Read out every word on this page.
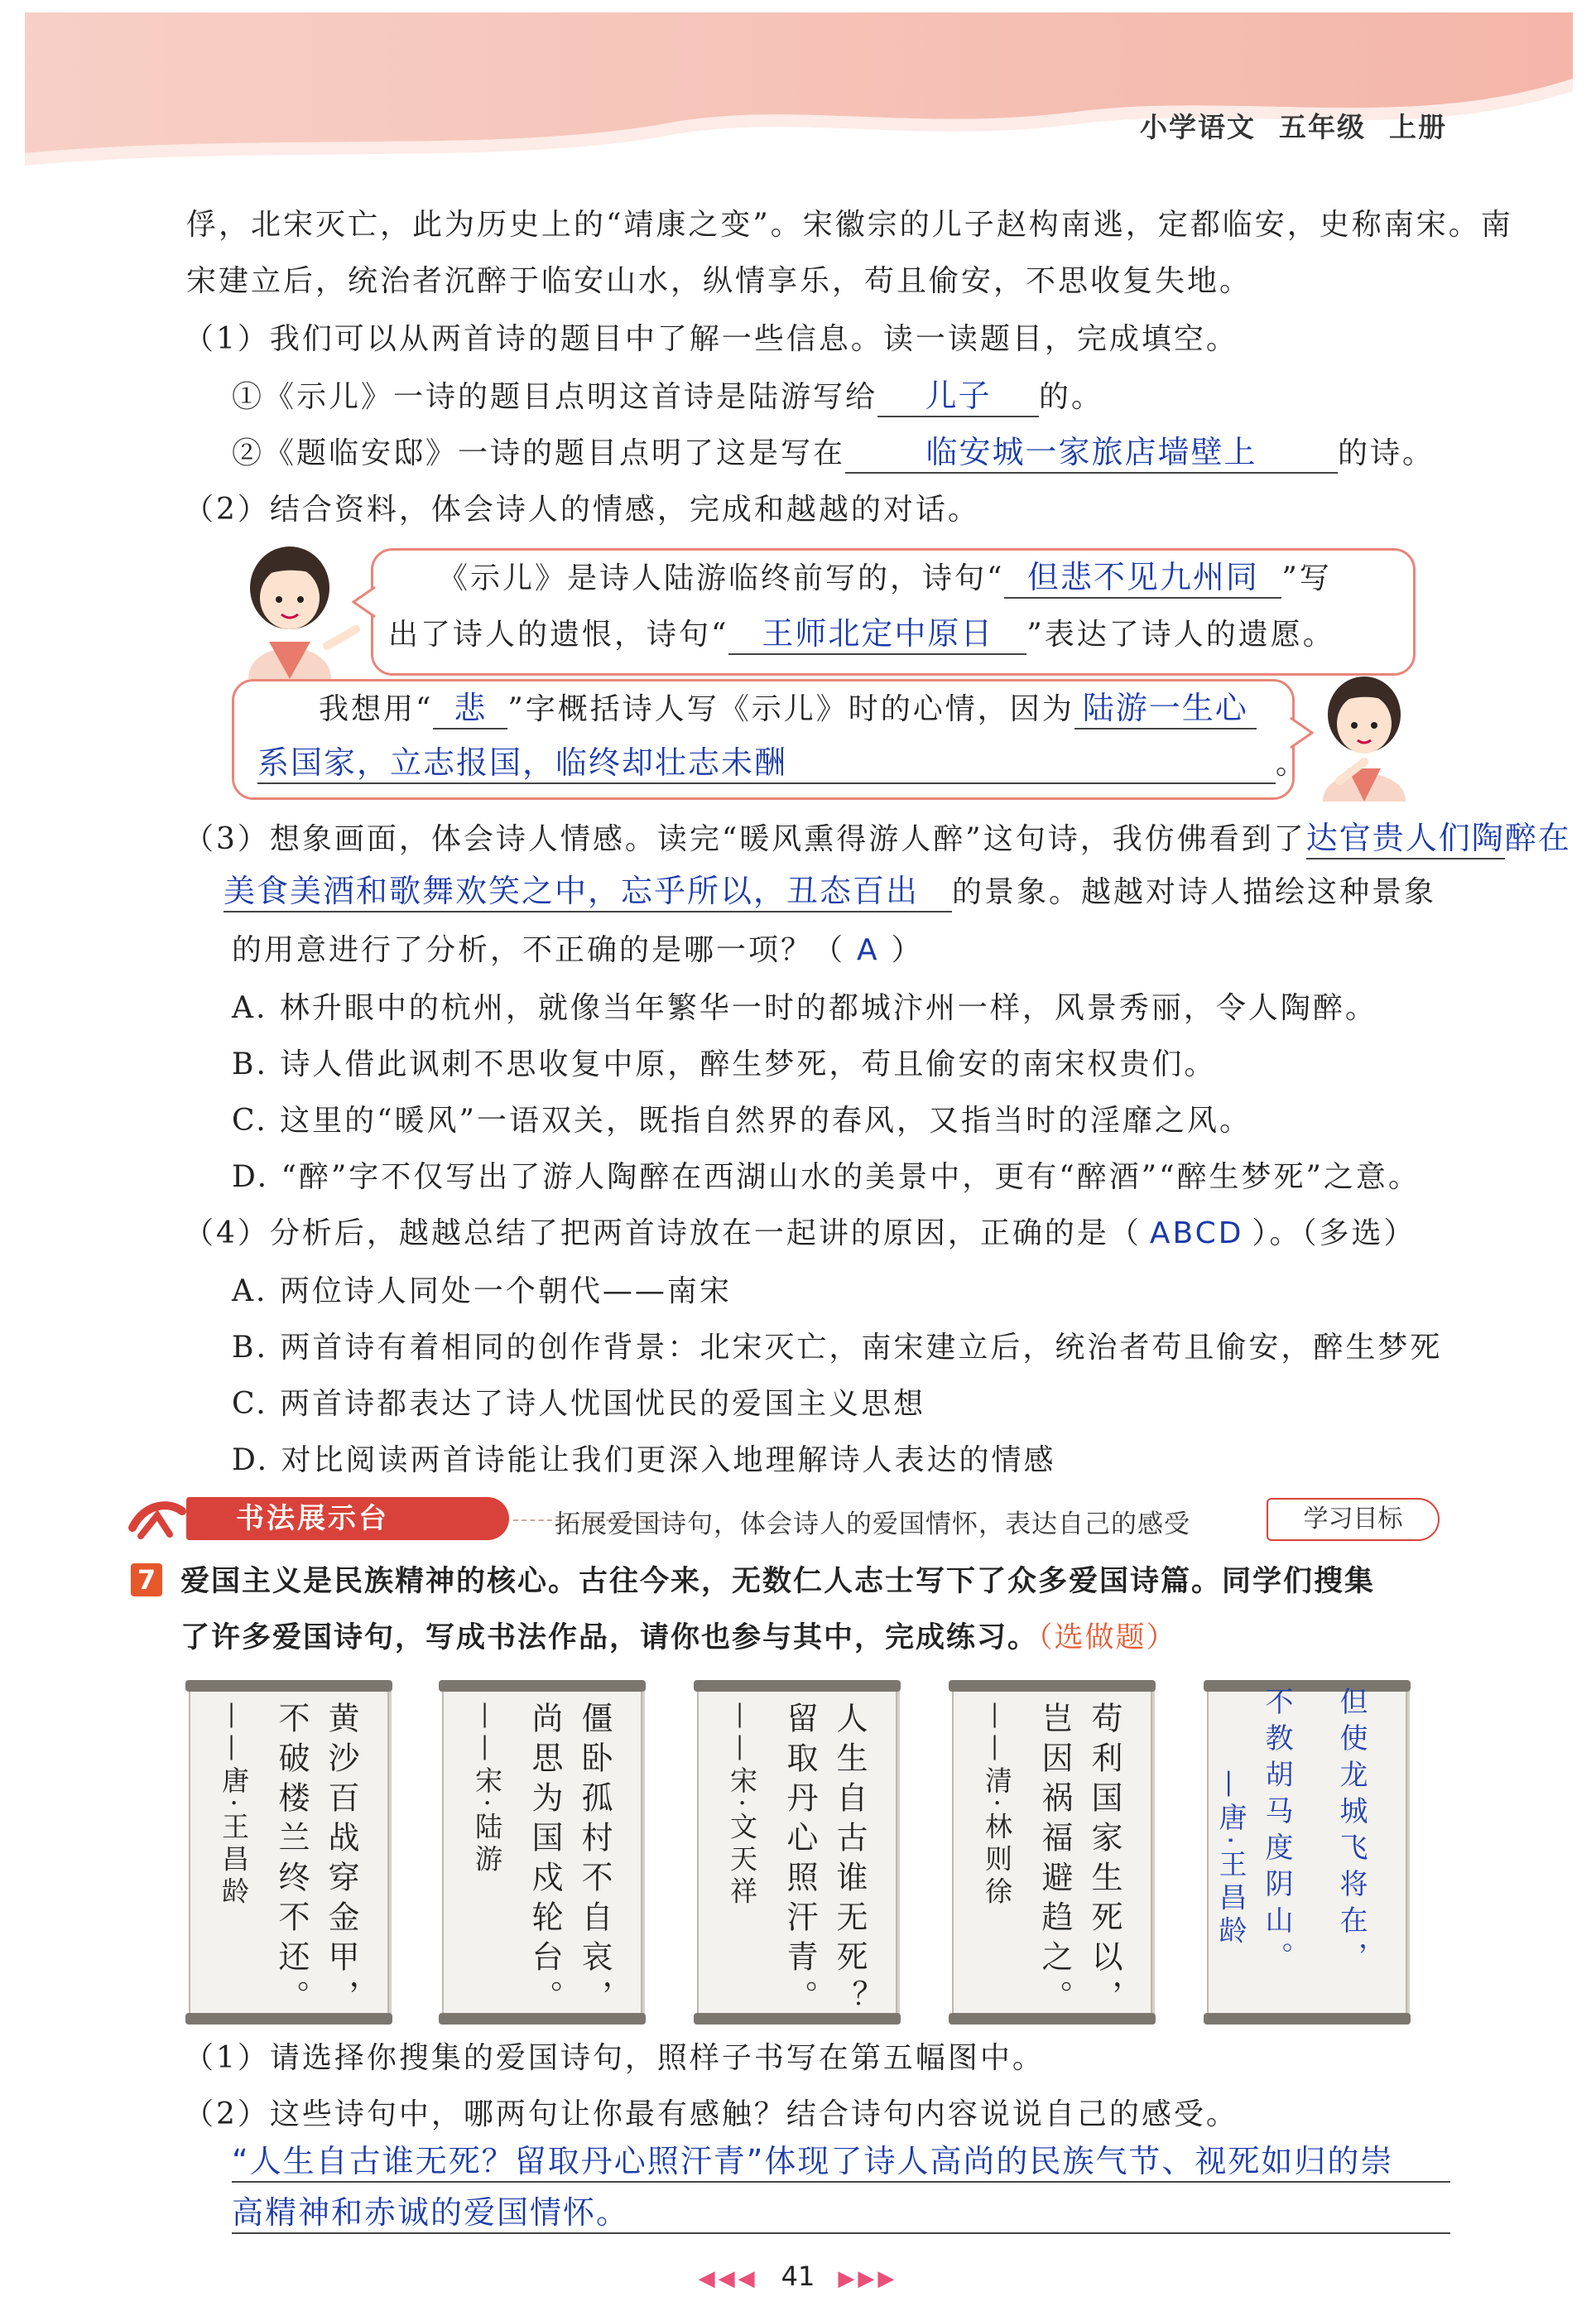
小学语文 五年级 上册
俘，北宋灭亡，此为历史上的“靖康之变”。宋徽宗的儿子赵构南逃，定都临安，史称南宋。南
宋建立后，统治者沉醉于临安山水，纵情享乐，苟且偷安，不思收复失地。
（1）我们可以从两首诗的题目中了解一些信息。读一读题目，完成填空。
①《示儿》一诗的题目点明这首诗是陆游写给 儿子 的。
②《题临安邸》一诗的题目点明了这是写在	临安城一家旅店墙壁上	的诗。
（2）结合资料，体会诗人的情感，完成和越越的对话。
《示儿》是诗人陆游临终前写的，诗句“ 但悲不见九州同 ”写
出了诗人的遗恨，诗句“ 王师北定中原日 ”表达了诗人的遗愿。
我想用“ 悲 ”字概括诗人写《示儿》时的心情，因为 陆游一生心
系国家，立志报国，临终却壮志未酬	。
（3）想象画面，体会诗人情感。读完“暖风熏得游人醉”这句诗，我仿佛看到了达官贵人们陶醉在
美食美酒和歌舞欢笑之中，忘乎所以，丑态百出 的景象。越越对诗人描绘这种景象
的用意进行了分析，不正确的是哪一项？（ A ）
A. 林升眼中的杭州，就像当年繁华一时的都城汴州一样，风景秀丽，令人陶醉。
B. 诗人借此讽刺不思收复中原，醉生梦死，苟且偷安的南宋权贵们。
C. 这里的“暖风”一语双关，既指自然界的春风，又指当时的淫靡之风。
D. “醉”字不仅写出了游人陶醉在西湖山水的美景中，更有“醉酒”“醉生梦死”之意。
（4）分析后，越越总结了把两首诗放在一起讲的原因，正确的是（ ABCD ）。（多选）
A. 两位诗人同处一个朝代——南宋
B. 两首诗有着相同的创作背景：北宋灭亡，南宋建立后，统治者苟且偷安，醉生梦死
C. 两首诗都表达了诗人忧国忧民的爱国主义思想
D. 对比阅读两首诗能让我们更深入地理解诗人表达的情感
书法展示台	拓展爱国诗句，体会诗人的爱国情怀，表达自己的感受	学习目标
7 爱国主义是民族精神的核心。古往今来，无数仁人志士写下了众多爱国诗篇。同学们搜集
了许多爱国诗句，写成书法作品，请你也参与其中，完成练习。（选做题）
黄沙百战穿金甲，
不破楼兰终不还。
——唐·王昌龄	僵卧孤村不自哀，
尚思为国戍轮台。
——宋·陆游	人生自古谁无死？
留取丹心照汗青。
——宋·文天祥	苟利国家生死以，
岂因祸福避趋之。
——清·林则徐	但使龙城飞将在，
不教胡马度阴山。
—唐·王昌龄
（1）请选择你搜集的爱国诗句，照样子书写在第五幅图中。
（2）这些诗句中，哪两句让你最有感触？结合诗句内容说说自己的感受。
“人生自古谁无死？留取丹心照汗青”体现了诗人高尚的民族气节、视死如归的崇
高精神和赤诚的爱国情怀。
◀◀◀ 41 ▶▶▶
